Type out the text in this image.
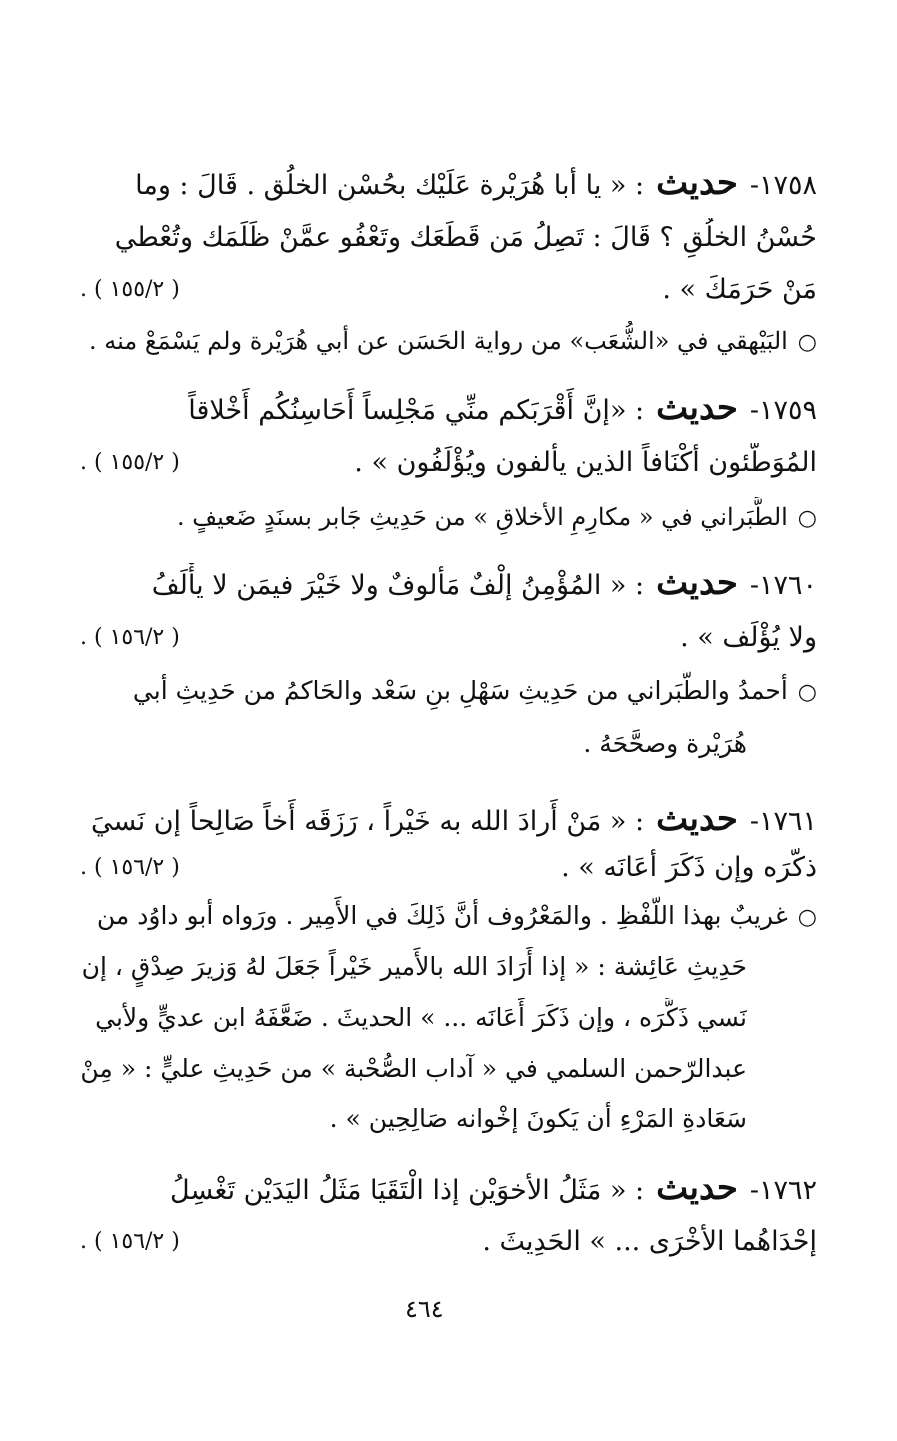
١٧٥٨-حديث: « يا أبا هُرَيْرة عَلَيْك بحُسْنِ الخلُق . قَالَ : وما
حُسْنُ الخلُقِ ؟ قَالَ : تَصِلُ مَن قَطَعَك وتَعْفُو عمَّنْ ظَلَمَك وتُعْطي
مَنْ حَرَمَكَ » .
( ١٥٥/٢ ) .
○البَيْهقي في «الشُّعَب» من رواية الحَسَن عن أبي هُرَيْرة ولم يَسْمَعْ منه .
١٧٥٩-حديث: «إنَّ أَقْرَبَكم منِّي مَجْلِساً أَحَاسِنُكُم أَخْلاقاً
المُوَطَّئون أَكْنَافاً الذين يأْلفون ويُؤْلَفُون » .
( ١٥٥/٢ ) .
○الطَّبَراني في « مكارِمِ الأخلاقِ » من حَدِيثِ جَابر بسنَدٍ ضَعيفٍ .
١٧٦٠-حديث: « المُؤْمِنُ إلْفٌ مَألوفٌ ولا خَيْرَ فيمَن لا يأْلَفُ
ولا يُؤْلَف » .
( ١٥٦/٢ ) .
○أحمدُ والطَّبَراني من حَدِيثِ سَهْلِ بنِ سَعْد والحَاكمُ من حَدِيثِ أبي
هُرَيْرة وصحَّحَهُ .
١٧٦١-حديث: « مَنْ أَرادَ الله به خَيْراً ، رَزَقَه أَخاً صَالِحاً إن نَسيَ
ذكَّرَه وإن ذَكَرَ أَعَانَه » .
( ١٥٦/٢ ) .
○غريبٌ بهذا اللَّفْظِ . والمَعْرُوف أنَّ ذَلِكَ في الأَمِير . ورَواه أبو داوُد من
حَدِيثِ عَائِشة : « إذا أَرَادَ الله بالأَمير خَيْراً جَعَلَ لهُ وَزيرَ صِدْقٍ ، إن
نَسي ذَكَّرَه ، وإن ذَكَرَ أَعَانَه ... » الحديثَ . ضَعَّفَهُ ابن عديٍّ ولأبي
عبدالرّحمن السلمي في « آداب الصُّحْبة » من حَدِيثِ عليٍّ : « مِنْ
سَعَادةِ المَرْءِ أن يَكونَ إخْوانه صَالِحِين » .
١٧٦٢-حديث: « مَثَلُ الأخوَيْنِ إذا الْتَقَيَا مَثَلُ اليَدَيْن تَغْسِلُ
إحْدَاهُما الأخْرَى ... » الحَدِيثَ .
( ١٥٦/٢ ) .
٤٦٤
